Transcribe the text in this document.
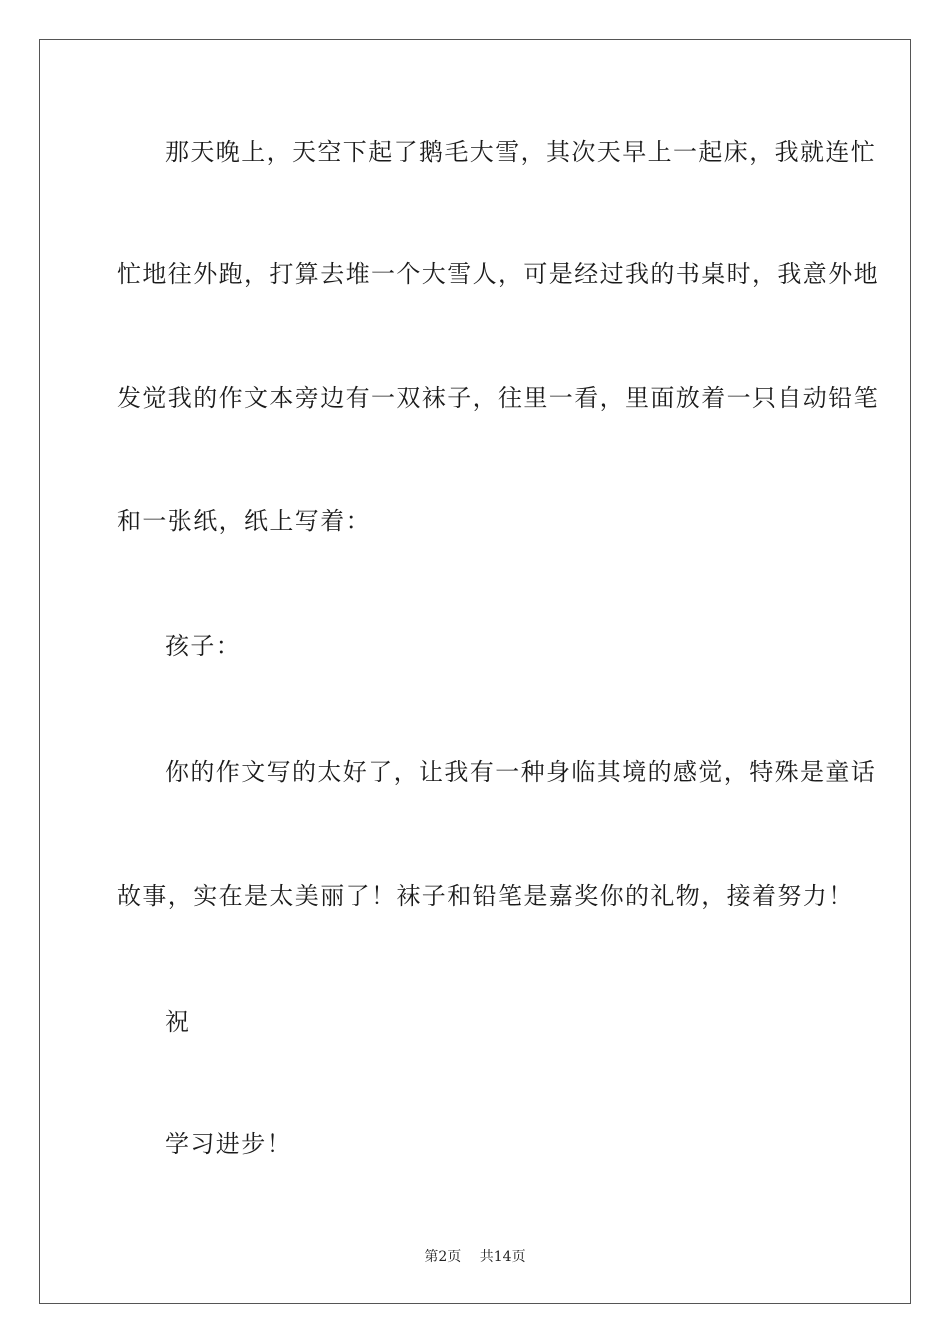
那天晚上，天空下起了鹅毛大雪，其次天早上一起床，我就连忙
忙地往外跑，打算去堆一个大雪人，可是经过我的书桌时，我意外地
发觉我的作文本旁边有一双袜子，往里一看，里面放着一只自动铅笔
和一张纸，纸上写着：
孩子：
你的作文写的太好了，让我有一种身临其境的感觉，特殊是童话
故事，实在是太美丽了！袜子和铅笔是嘉奖你的礼物，接着努力！
祝
学习进步！
第2页 共14页
